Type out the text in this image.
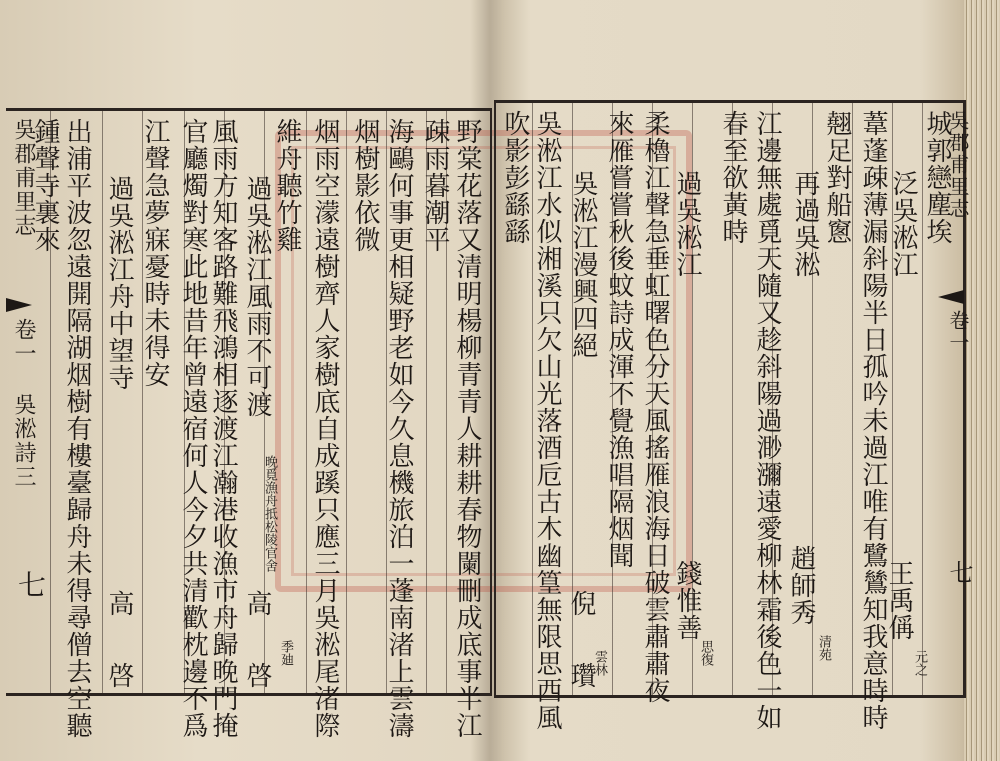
吳郡甫里志
卷一 吳淞詩三
七
鍾聲寺裏來 出浦平波忽遠開隔湖烟樹有樓臺歸舟未得尋僧去空聽 過吳淞江舟中望寺
高　啓
江聲急夢寐憂時未得安 官廳燭對寒此地昔年曾遠宿何人今夕共清歡枕邊不爲 風雨方知客路難飛鴻相逐渡江瀚港收漁市舟歸晚門掩 過吳淞江風雨不可渡
晚覓漁舟抵松陵官舍
高　啓 季廸
維舟聽竹雞 烟雨空濛遠樹齊人家樹底自成蹊只應三月吳淞尾渚際 烟樹影依微 海鷗何事更相疑野老如今久息機旅泊一蓬南渚上雲濤 疎雨暮潮平 野棠花落又清明楊柳青青人耕耕春物闌刪成底事半江 吹影彭繇繇 吳淞江水似湘溪只欠山光落酒卮古木幽篁無限思西風 吳淞江漫興四絕
倪　瓚
雲林
來雁嘗嘗秋後蚊詩成渾不覺漁唱隔烟聞 柔櫓江聲急垂虹曙色分天風搖雁浪海日破雲肅肅夜 過吳淞江
錢惟善
思復
春至欲黃時 江邊無處覓天隨又趁斜陽過渺瀰遠愛柳林霜後色一如 再過吳淞
趙師秀
清苑
翹足對船窻 葦蓬疎薄漏斜陽半日孤吟未過江唯有鷺鷥知我意時時 泛吳淞江
王禹偁
元之
城郭戀塵埃
吳郡甫里志
卷一
七
